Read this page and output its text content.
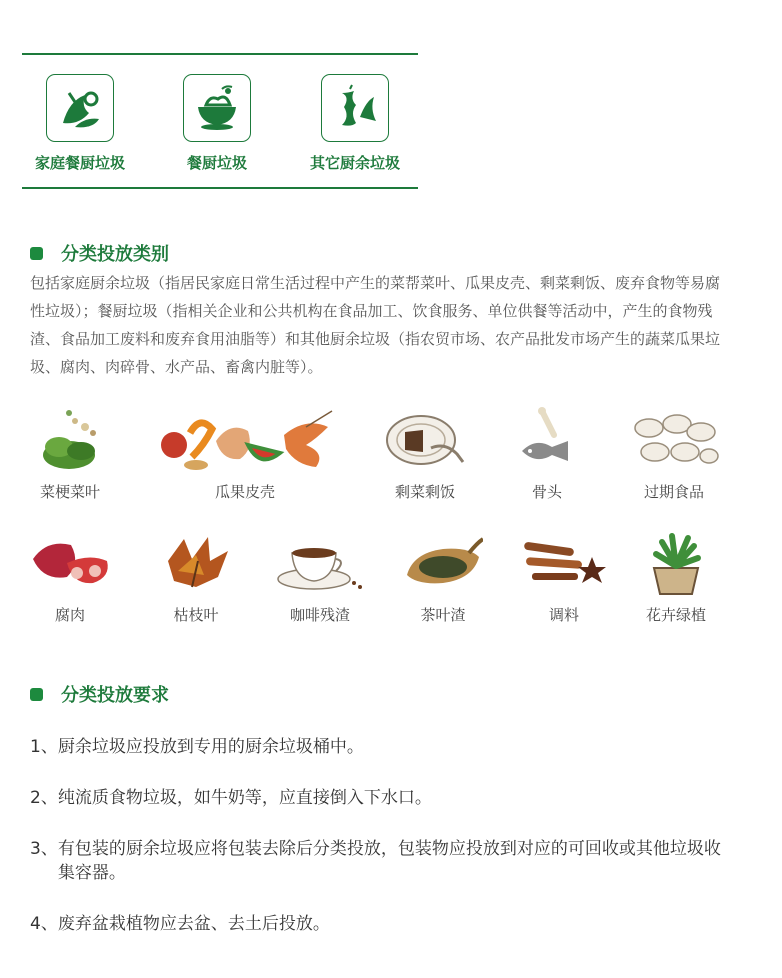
家庭餐厨垃圾	餐厨垃圾	其它厨余垃圾
分类投放类别
包括家庭厨余垃圾（指居民家庭日常生活过程中产生的菜帮菜叶、瓜果皮壳、剩菜剩饭、废弃食物等易腐性垃圾）；餐厨垃圾（指相关企业和公共机构在食品加工、饮食服务、单位供餐等活动中，产生的食物残渣、食品加工废料和废弃食用油脂等）和其他厨余垃圾（指农贸市场、农产品批发市场产生的蔬菜瓜果垃圾、腐肉、肉碎骨、水产品、畜禽内脏等）。
菜梗菜叶	瓜果皮壳	剩菜剩饭	骨头	过期食品
腐肉	枯枝叶	咖啡残渣	茶叶渣	调料	花卉绿植
分类投放要求
1、 厨余垃圾应投放到专用的厨余垃圾桶中。
2、 纯流质食物垃圾，如牛奶等，应直接倒入下水口。
3、 有包装的厨余垃圾应将包装去除后分类投放，包装物应投放到对应的可回收或其他垃圾收集容器。
4、 废弃盆栽植物应去盆、去土后投放。
